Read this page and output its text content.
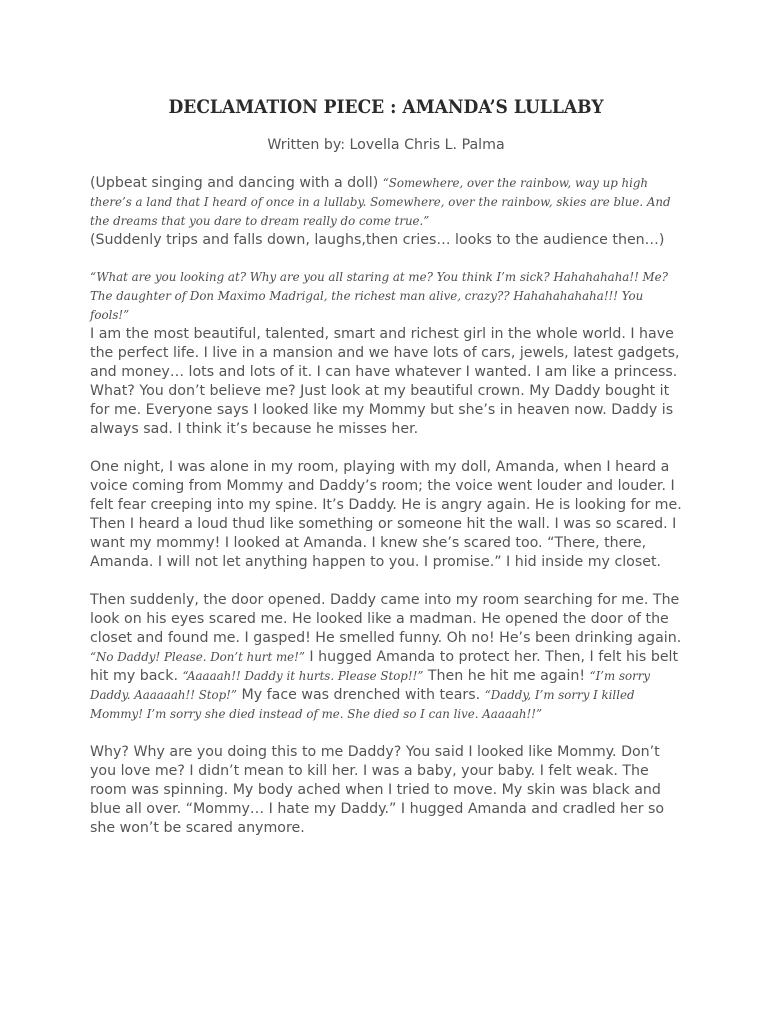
DECLAMATION PIECE : AMANDA’S LULLABY
Written by: Lovella Chris L. Palma

(Upbeat singing and dancing with a doll) “Somewhere, over the rainbow, way up high there’s a land that I heard of once in a lullaby. Somewhere, over the rainbow, skies are blue. And the dreams that you dare to dream really do come true.”

(Suddenly trips and falls down, laughs,then cries… looks to the audience then…)

“What are you looking at? Why are you all staring at me? You think I’m sick? Hahahahaha!! Me? The daughter of Don Maximo Madrigal, the richest man alive, crazy?? Hahahahahaha!!! You fools!”

I am the most beautiful, talented, smart and richest girl in the whole world. I have the perfect life. I live in a mansion and we have lots of cars, jewels, latest gadgets, and money… lots and lots of it. I can have whatever I wanted. I am like a princess. What? You don’t believe me? Just look at my beautiful crown. My Daddy bought it for me. Everyone says I looked like my Mommy but she’s in heaven now. Daddy is always sad. I think it’s because he misses her.

One night, I was alone in my room, playing with my doll, Amanda, when I heard a voice coming from Mommy and Daddy’s room; the voice went louder and louder. I felt fear creeping into my spine. It’s Daddy. He is angry again. He is looking for me. Then I heard a loud thud like something or someone hit the wall. I was so scared. I want my mommy! I looked at Amanda. I knew she’s scared too. “There, there, Amanda. I will not let anything happen to you. I promise.” I hid inside my closet.

Then suddenly, the door opened. Daddy came into my room searching for me. The look on his eyes scared me. He looked like a madman. He opened the door of the closet and found me. I gasped! He smelled funny. Oh no! He’s been drinking again. “No Daddy! Please. Don’t hurt me!” I hugged Amanda to protect her. Then, I felt his belt hit my back. “Aaaaah!! Daddy it hurts. Please Stop!!” Then he hit me again! “I’m sorry Daddy. Aaaaaah!! Stop!” My face was drenched with tears. “Daddy, I’m sorry I killed Mommy! I’m sorry she died instead of me. She died so I can live. Aaaaah!!”

Why? Why are you doing this to me Daddy? You said I looked like Mommy. Don’t you love me? I didn’t mean to kill her. I was a baby, your baby. I felt weak. The room was spinning. My body ached when I tried to move. My skin was black and blue all over. “Mommy… I hate my Daddy.” I hugged Amanda and cradled her so she won’t be scared anymore.
